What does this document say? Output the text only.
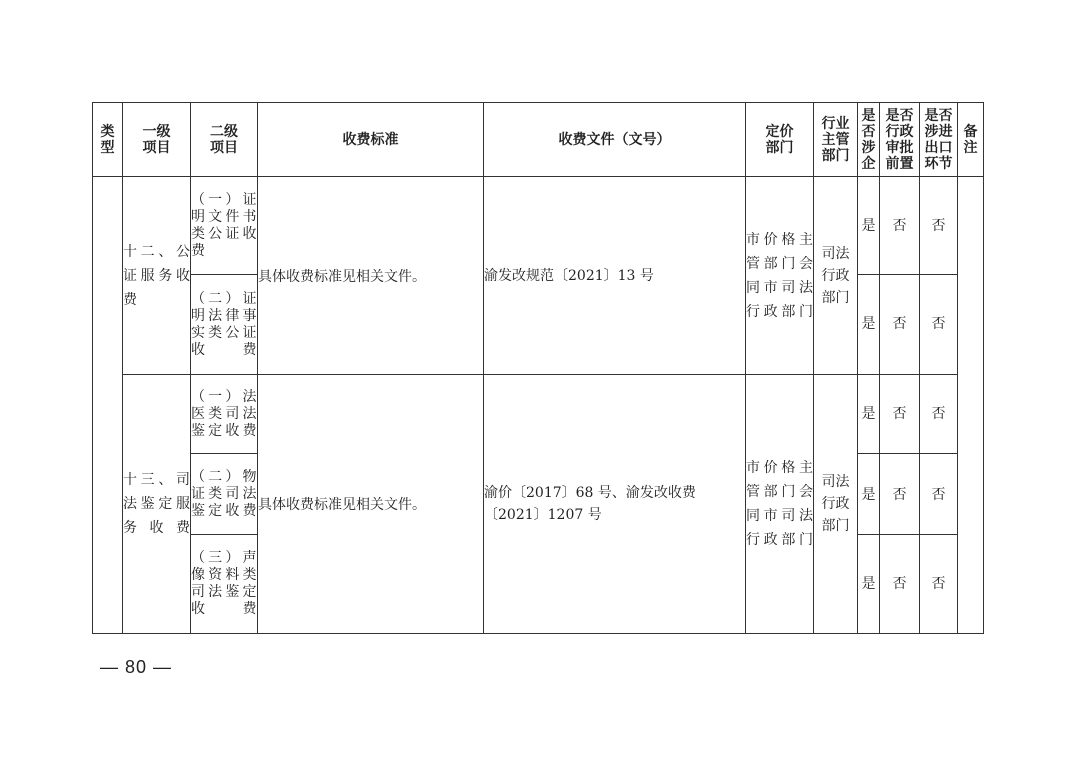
类型	一级项目	二级项目	收费标准	收费文件（文号）	定价部门	行业主管部门	是否涉企	是否行政审批前置	是否涉进出口环节	备注

	十二、公证服务收费	（一）证明文件书类公证收费	具体收费标准见相关文件。	渝发改规范〔2021〕13 号	市价格主管部门会同市司法行政部门	司法行政部门	是	否	否	
		（二）证明法律事实类公证收费					是	否	否	
	十三、司法鉴定服务收费	（一）法医类司法鉴定收费	具体收费标准见相关文件。	渝价〔2017〕68 号、渝发改收费〔2021〕1207 号	市价格主管部门会同市司法行政部门	司法行政部门	是	否	否	
		（二）物证类司法鉴定收费					是	否	否	
		（三）声像资料类司法鉴定收费					是	否	否	
— 80 —
